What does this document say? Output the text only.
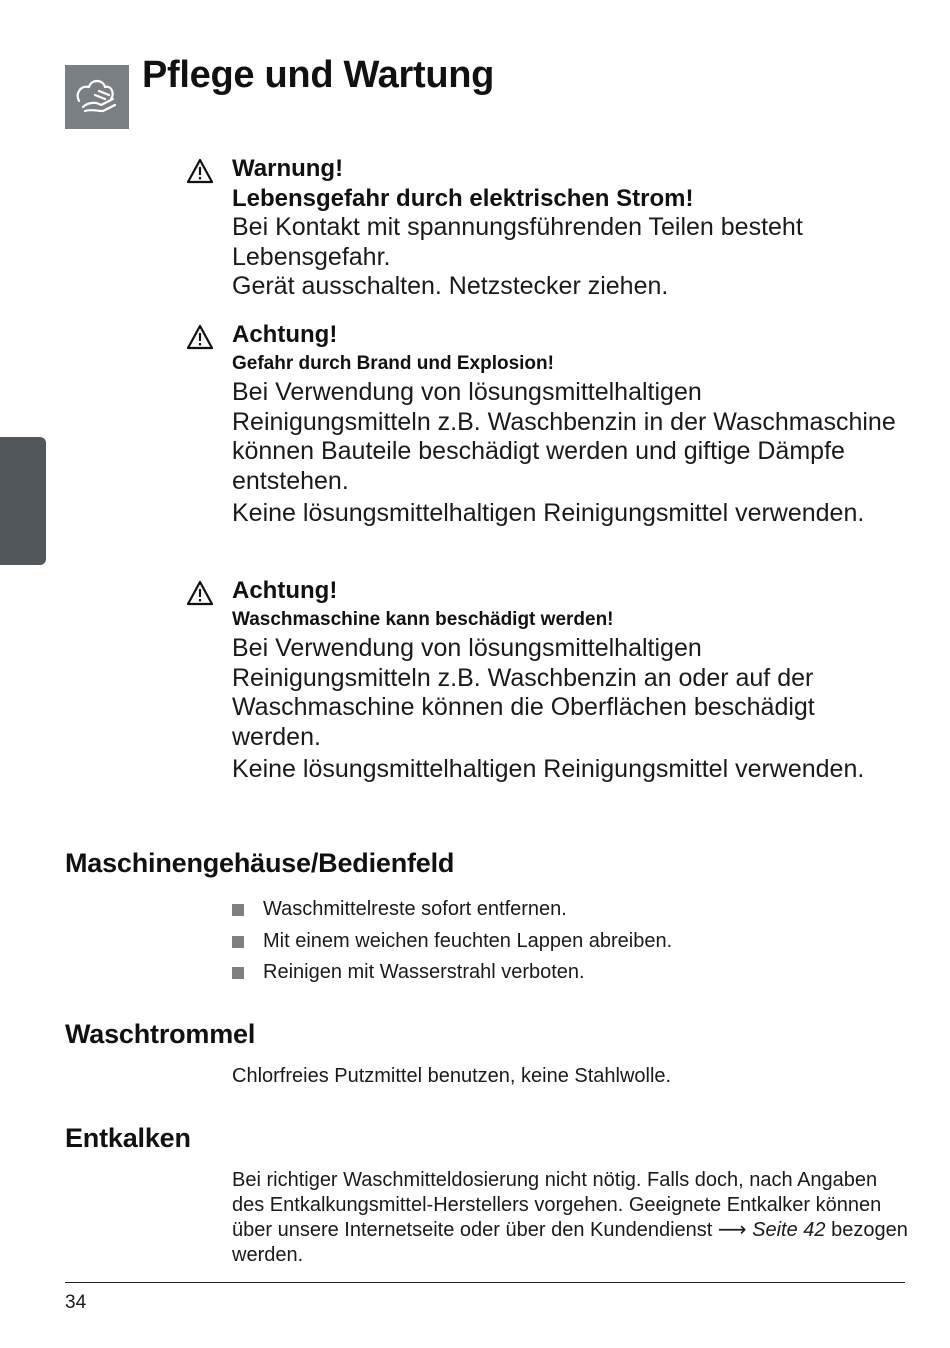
Pflege und Wartung
Warnung!
Lebensgefahr durch elektrischen Strom!
Bei Kontakt mit spannungsführenden Teilen besteht Lebensgefahr.
Gerät ausschalten. Netzstecker ziehen.
Achtung!
Gefahr durch Brand und Explosion!
Bei Verwendung von lösungsmittelhaltigen Reinigungsmitteln z.B. Waschbenzin in der Waschmaschine können Bauteile beschädigt werden und giftige Dämpfe entstehen.
Keine lösungsmittelhaltigen Reinigungsmittel verwenden.
Achtung!
Waschmaschine kann beschädigt werden!
Bei Verwendung von lösungsmittelhaltigen Reinigungsmitteln z.B. Waschbenzin an oder auf der Waschmaschine können die Oberflächen beschädigt werden.
Keine lösungsmittelhaltigen Reinigungsmittel verwenden.
Maschinengehäuse/Bedienfeld
Waschmittelreste sofort entfernen.
Mit einem weichen feuchten Lappen abreiben.
Reinigen mit Wasserstrahl verboten.
Waschtrommel

Chlorfreies Putzmittel benutzen, keine Stahlwolle.

Entkalken

Bei richtiger Waschmitteldosierung nicht nötig. Falls doch, nach Angaben des Entkalkungsmittel-Herstellers vorgehen. Geeignete Entkalker können über unsere Internetseite oder über den Kundendienst ⟶ Seite 42 bezogen werden.

34
